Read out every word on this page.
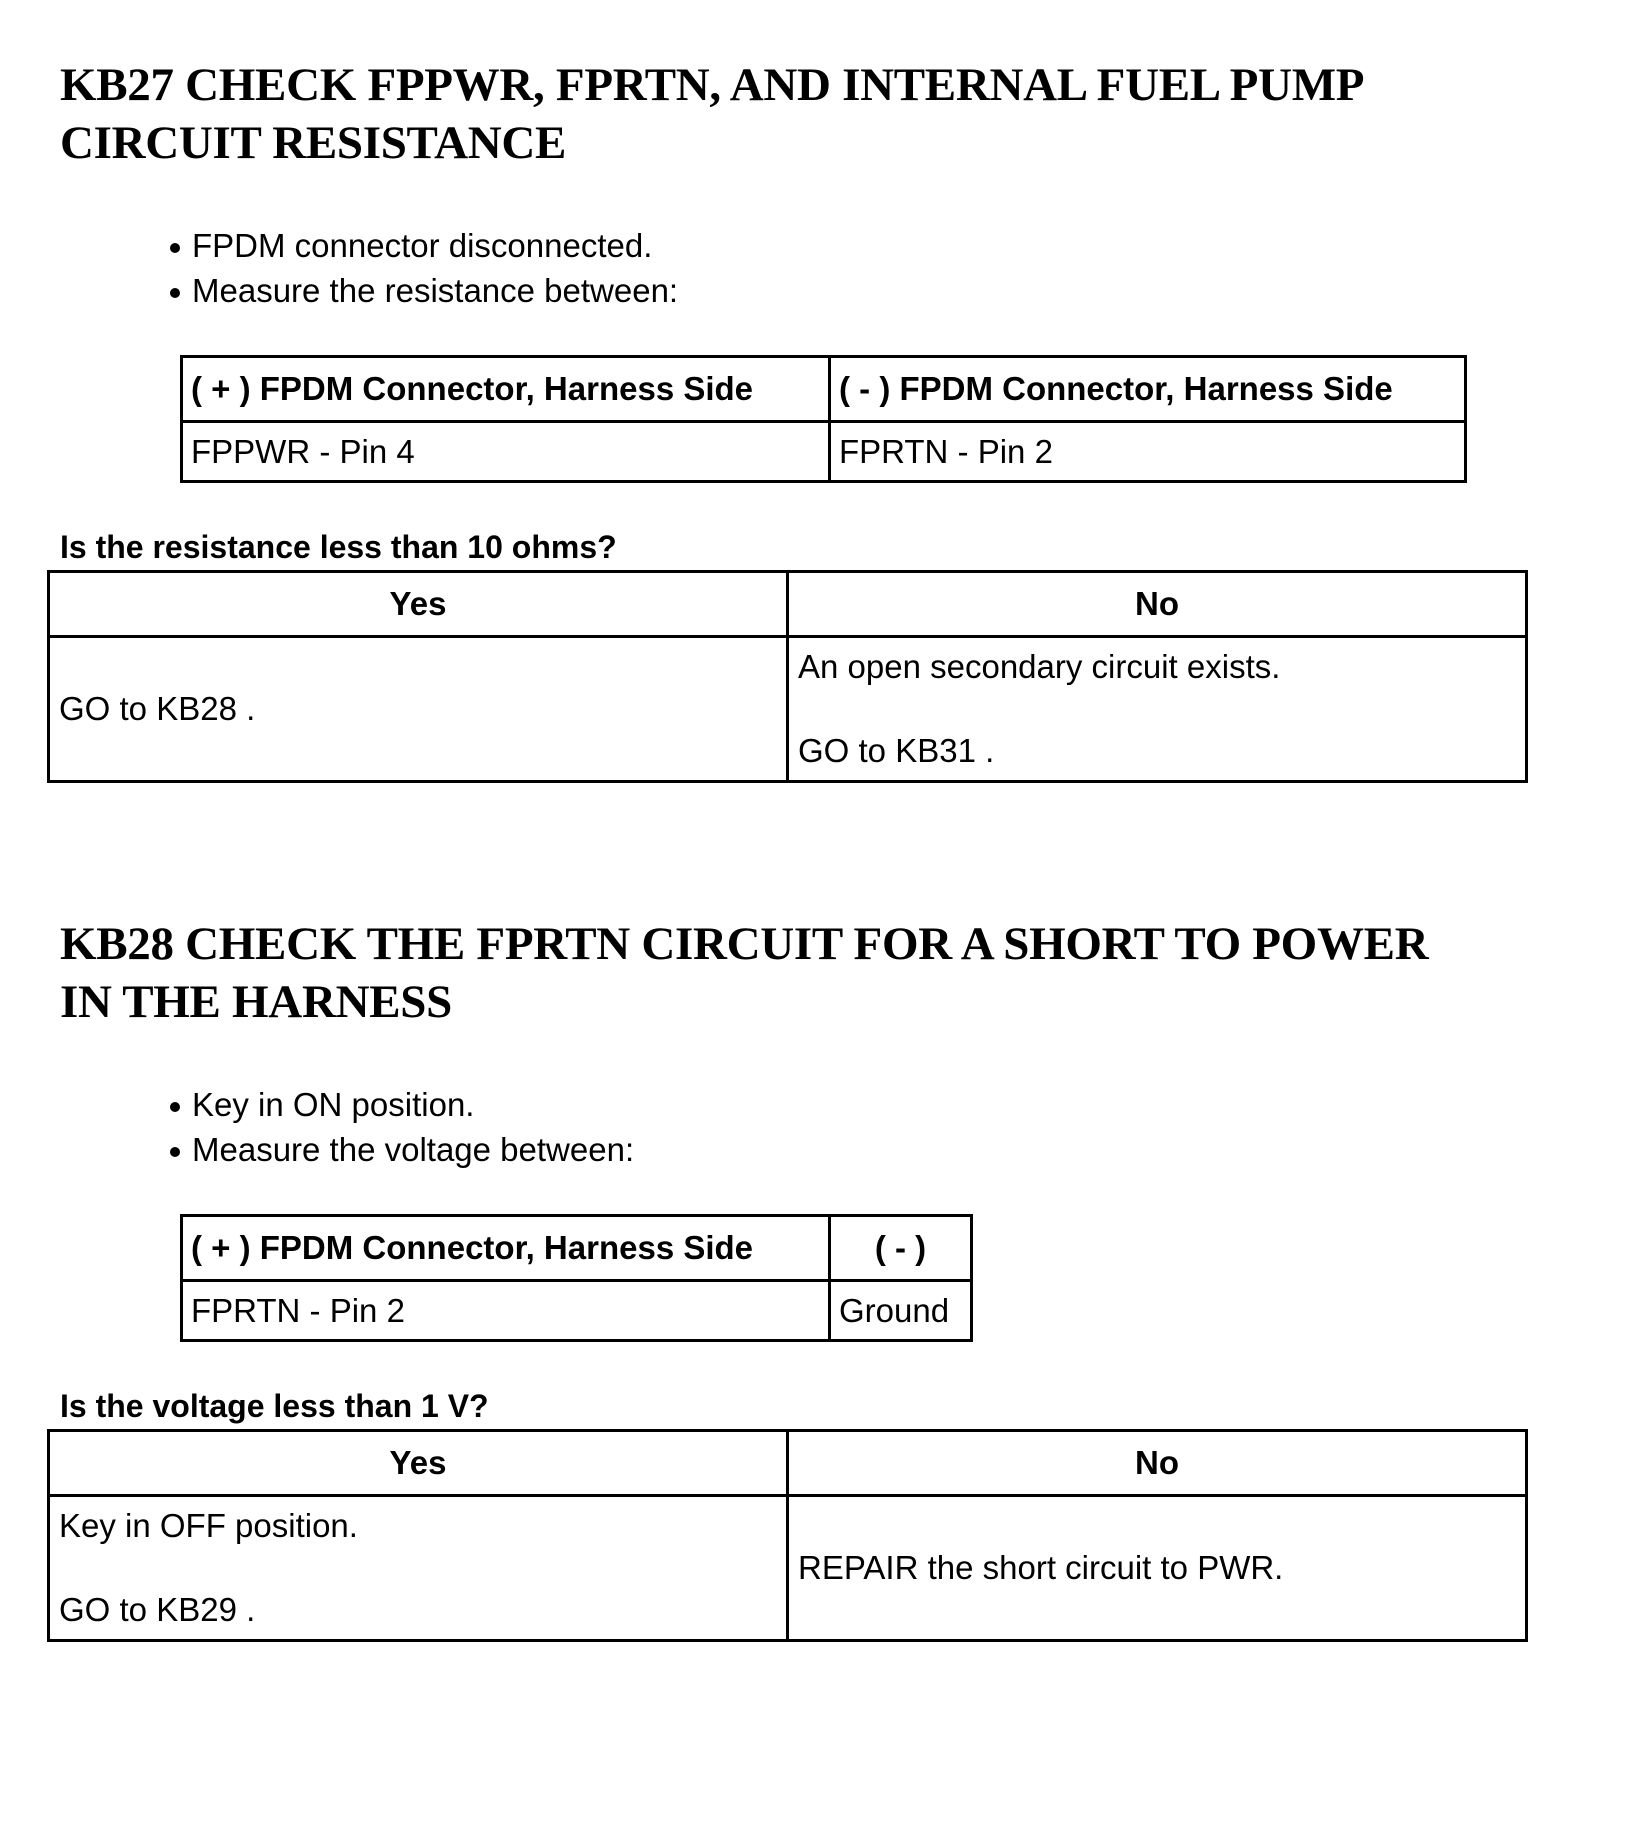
KB27 CHECK FPPWR, FPRTN, AND INTERNAL FUEL PUMP
CIRCUIT RESISTANCE
FPDM connector disconnected.
Measure the resistance between:
( + ) FPDM Connector, Harness Side	( - ) FPDM Connector, Harness Side
FPPWR - Pin 4	FPRTN - Pin 2

Is the resistance less than 10 ohms?

Yes	No

GO to KB28 .	An open secondary circuit exists.

GO to KB31 .

KB28 CHECK THE FPRTN CIRCUIT FOR A SHORT TO POWER
IN THE HARNESS
Key in ON position.
Measure the voltage between:
( + ) FPDM Connector, Harness Side	( - )
FPRTN - Pin 2	Ground

Is the voltage less than 1 V?

Yes	No

Key in OFF position.

GO to KB29 .	REPAIR the short circuit to PWR.
